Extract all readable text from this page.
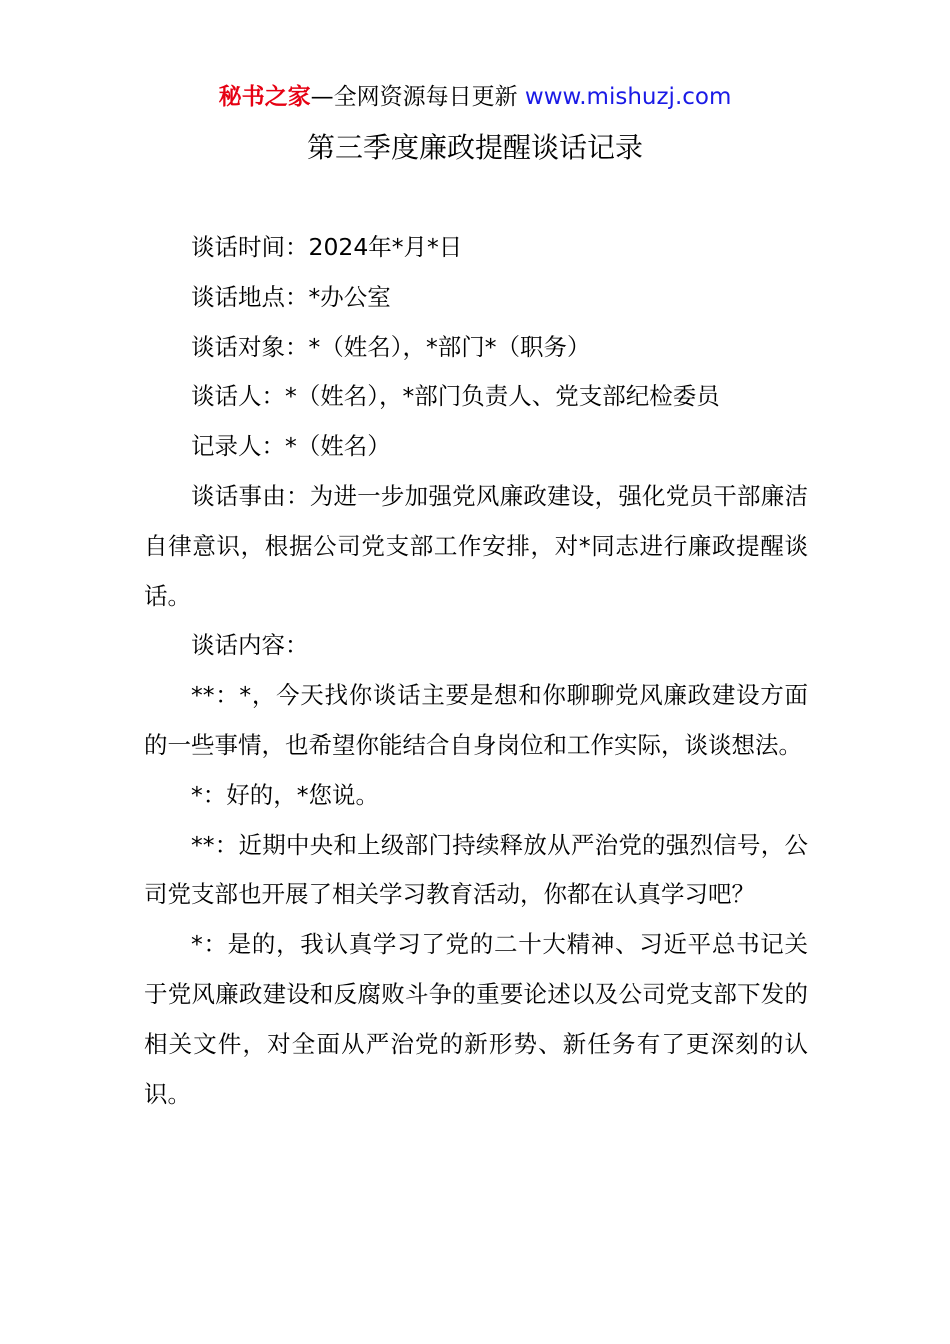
秘书之家—全网资源每日更新 www.mishuzj.com
第三季度廉政提醒谈话记录

谈话时间：2024年*月*日

谈话地点：*办公室

谈话对象：*（姓名），*部门*（职务）

谈话人：*（姓名），*部门负责人、党支部纪检委员

记录人：*（姓名）

谈话事由：为进一步加强党风廉政建设，强化党员干部廉洁自律意识，根据公司党支部工作安排，对*同志进行廉政提醒谈话。

谈话内容：

**：*，今天找你谈话主要是想和你聊聊党风廉政建设方面的一些事情，也希望你能结合自身岗位和工作实际，谈谈想法。

*：好的，*您说。

**：近期中央和上级部门持续释放从严治党的强烈信号，公司党支部也开展了相关学习教育活动，你都在认真学习吧？

*：是的，我认真学习了党的二十大精神、习近平总书记关于党风廉政建设和反腐败斗争的重要论述以及公司党支部下发的相关文件，对全面从严治党的新形势、新任务有了更深刻的认识。
